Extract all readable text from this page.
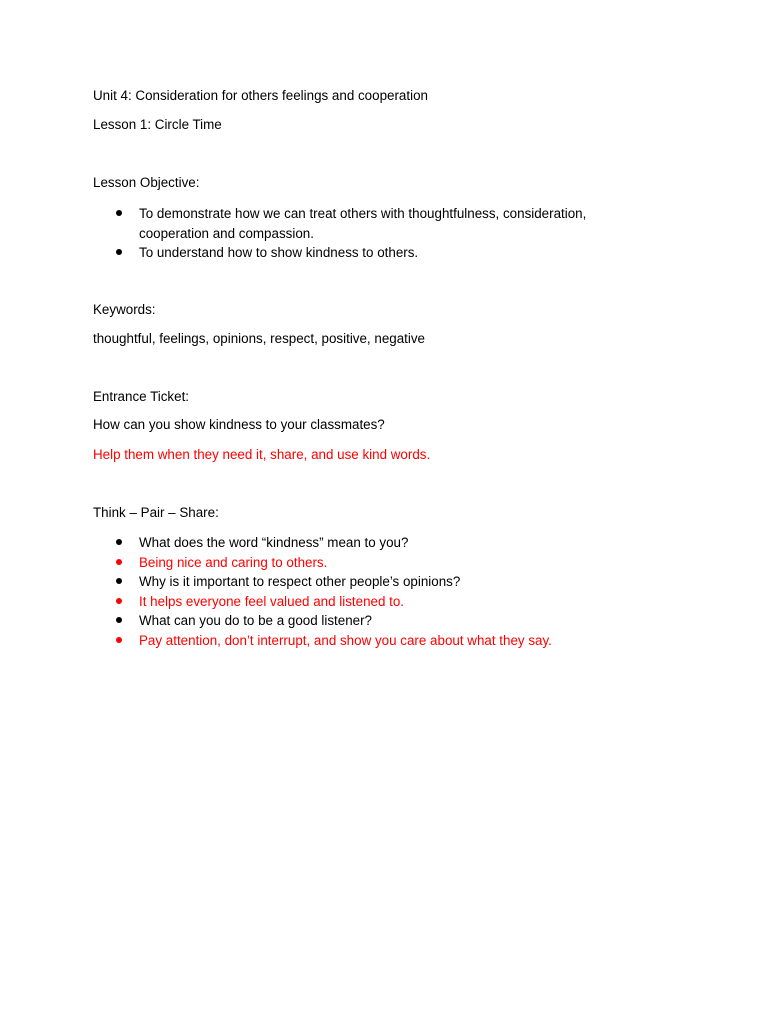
Unit 4: Consideration for others feelings and cooperation
Lesson 1: Circle Time
Lesson Objective:
To demonstrate how we can treat others with thoughtfulness, consideration, cooperation and compassion.
To understand how to show kindness to others.
Keywords:
thoughtful, feelings, opinions, respect, positive, negative
Entrance Ticket:
How can you show kindness to your classmates?
Help them when they need it, share, and use kind words.
Think – Pair – Share:
What does the word “kindness” mean to you?
Being nice and caring to others.
Why is it important to respect other people’s opinions?
It helps everyone feel valued and listened to.
What can you do to be a good listener?
Pay attention, don’t interrupt, and show you care about what they say.
